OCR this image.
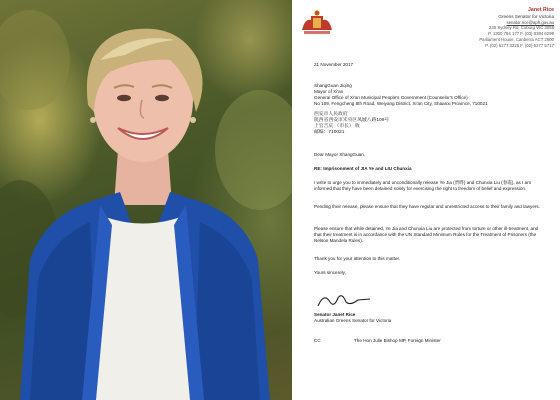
Janet Rice
Greens Senator for Victoria
senator.rice@aph.gov.au
240 Sydney Rd, Coburg VIC 3058
P. 1300 784 177 F. (03) 8384 6299
Parliament House, Canberra ACT 2600
P. (02) 6277 3225 F. (02) 6277 5717
21 November 2017
ShangGuan Jiqing
Mayor of Xi'an
General Office of Xi'an Municipal People's Government (Counselor's Office)
No 109, Fengcheng 8th Road, Weiyang District, Xi'an City, Shaanxi Province, 710021
西安市人民政府
陕西省西安市未央区凤城八路109号
上官吉庆 （市长） 收
邮编：710021
Dear Mayor ShangGuan,
RE: Imprisonment of JIA Ye and LIU Chunxia
I write to urge you to immediately and unconditionally release Ye Jia (贾晔) and Chunxia Liu (春霞), as I am informed that they have been detained solely for exercising the right to freedom of belief and expression.
Pending their release, please ensure that they have regular and unrestricted access to their family and lawyers.
Please ensure that while detained, Ye Jia and Chunxia Liu are protected from torture or other ill-treatment, and that their treatment is in accordance with the UN Standard Minimum Rules for the Treatment of Prisoners (the Nelson Mandela Rules).
Thank you for your attention to this matter.
Yours sincerely,
Senator Janet Rice
Australian Greens Senator for Victoria
CC	The Hon Julie Bishop MP, Foreign Minister
